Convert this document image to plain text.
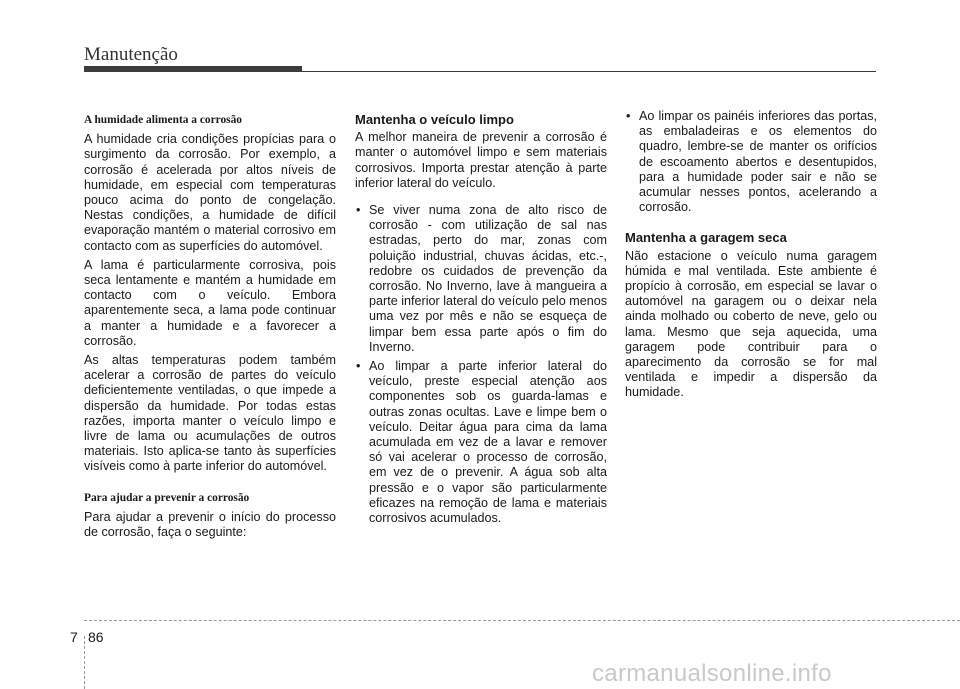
Manutenção
A humidade alimenta a corrosão

A humidade cria condições propícias para o surgimento da corrosão. Por exemplo, a corrosão é acelerada por altos níveis de humidade, em especial com temperaturas pouco acima do ponto de congelação. Nestas condições, a humidade de difícil evaporação mantém o material corrosivo em contacto com as superfícies do automóvel.

A lama é particularmente corrosiva, pois seca lentamente e mantém a humidade em contacto com o veículo. Embora aparentemente seca, a lama pode continuar a manter a humidade e a favorecer a corrosão.

As altas temperaturas podem também acelerar a corrosão de partes do veículo deficientemente ventiladas, o que impede a dispersão da humidade. Por todas estas razões, importa manter o veículo limpo e livre de lama ou acumulações de outros materiais. Isto aplica-se tanto às superfícies visíveis como à parte inferior do automóvel.

Para ajudar a prevenir a corrosão

Para ajudar a prevenir o início do processo de corrosão, faça o seguinte:

Mantenha o veículo limpo

A melhor maneira de prevenir a corrosão é manter o automóvel limpo e sem materiais corrosivos. Importa prestar atenção à parte inferior lateral do veículo.

• Se viver numa zona de alto risco de corrosão - com utilização de sal nas estradas, perto do mar, zonas com poluição industrial, chuvas ácidas, etc.-, redobre os cuidados de prevenção da corrosão. No Inverno, lave à mangueira a parte inferior lateral do veículo pelo menos uma vez por mês e não se esqueça de limpar bem essa parte após o fim do Inverno.
• Ao limpar a parte inferior lateral do veículo, preste especial atenção aos componentes sob os guarda-lamas e outras zonas ocultas. Lave e limpe bem o veículo. Deitar água para cima da lama acumulada em vez de a lavar e remover só vai acelerar o processo de corrosão, em vez de o prevenir. A água sob alta pressão e o vapor são particularmente eficazes na remoção de lama e materiais corrosivos acumulados.
• Ao limpar os painéis inferiores das portas, as embaladeiras e os elementos do quadro, lembre-se de manter os orifícios de escoamento abertos e desentupidos, para a humidade poder sair e não se acumular nesses pontos, acelerando a corrosão.
Mantenha a garagem seca

Não estacione o veículo numa garagem húmida e mal ventilada. Este ambiente é propício à corrosão, em especial se lavar o automóvel na garagem ou o deixar nela ainda molhado ou coberto de neve, gelo ou lama. Mesmo que seja aquecida, uma garagem pode contribuir para o aparecimento da corrosão se for mal ventilada e impedir a dispersão da humidade.

7 86
carmanualsonline.info
